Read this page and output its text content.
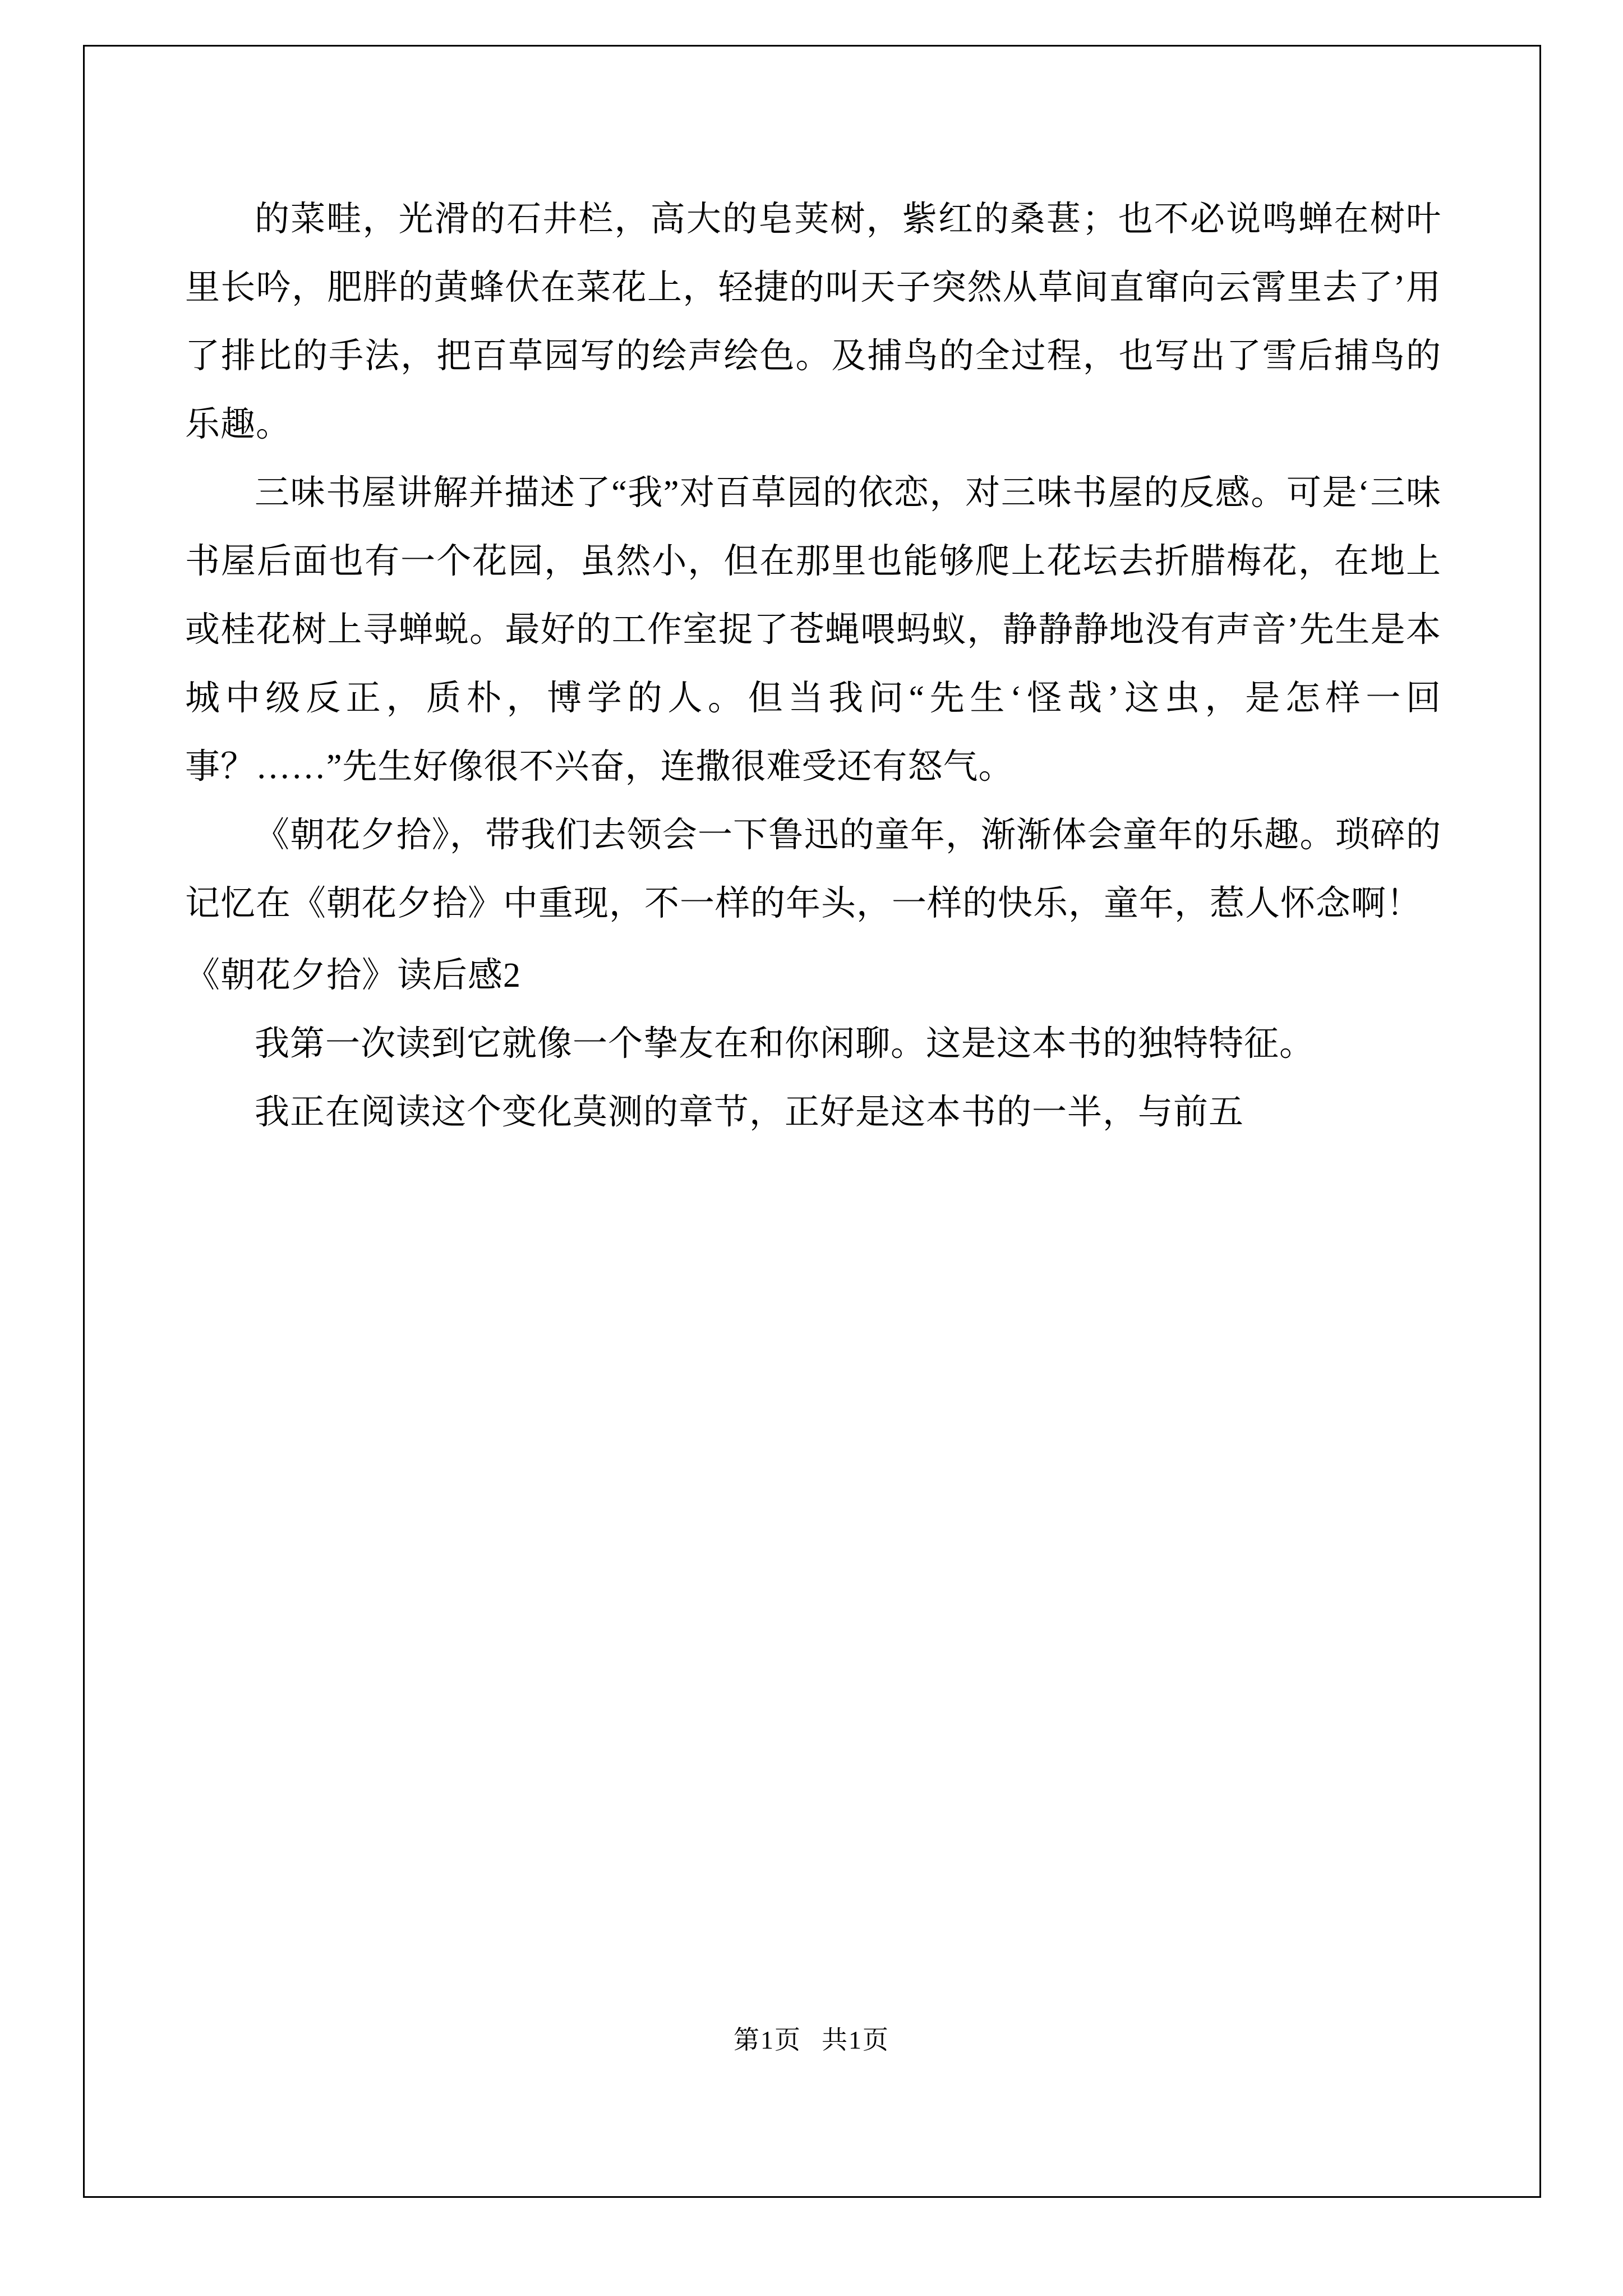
的菜畦，光滑的石井栏，高大的皂荚树，紫红的桑葚；也不必说鸣蝉在树叶里长吟，肥胖的黄蜂伏在菜花上，轻捷的叫天子突然从草间直窜向云霄里去了’用了排比的手法，把百草园写的绘声绘色。及捕鸟的全过程，也写出了雪后捕鸟的乐趣。

三味书屋讲解并描述了“我”对百草园的依恋，对三味书屋的反感。可是‘三味书屋后面也有一个花园，虽然小，但在那里也能够爬上花坛去折腊梅花，在地上或桂花树上寻蝉蜕。最好的工作室捉了苍蝇喂蚂蚁，静静静地没有声音’先生是本城中级反正，质朴，博学的人。但当我问“先生‘怪哉’这虫，是怎样一回事？……”先生好像很不兴奋，连撒很难受还有怒气。

《朝花夕拾》，带我们去领会一下鲁迅的童年，渐渐体会童年的乐趣。琐碎的记忆在《朝花夕拾》中重现，不一样的年头，一样的快乐，童年，惹人怀念啊！

《朝花夕拾》读后感2

我第一次读到它就像一个挚友在和你闲聊。这是这本书的独特特征。

我正在阅读这个变化莫测的章节，正好是这本书的一半，与前五

第1页 共1页
